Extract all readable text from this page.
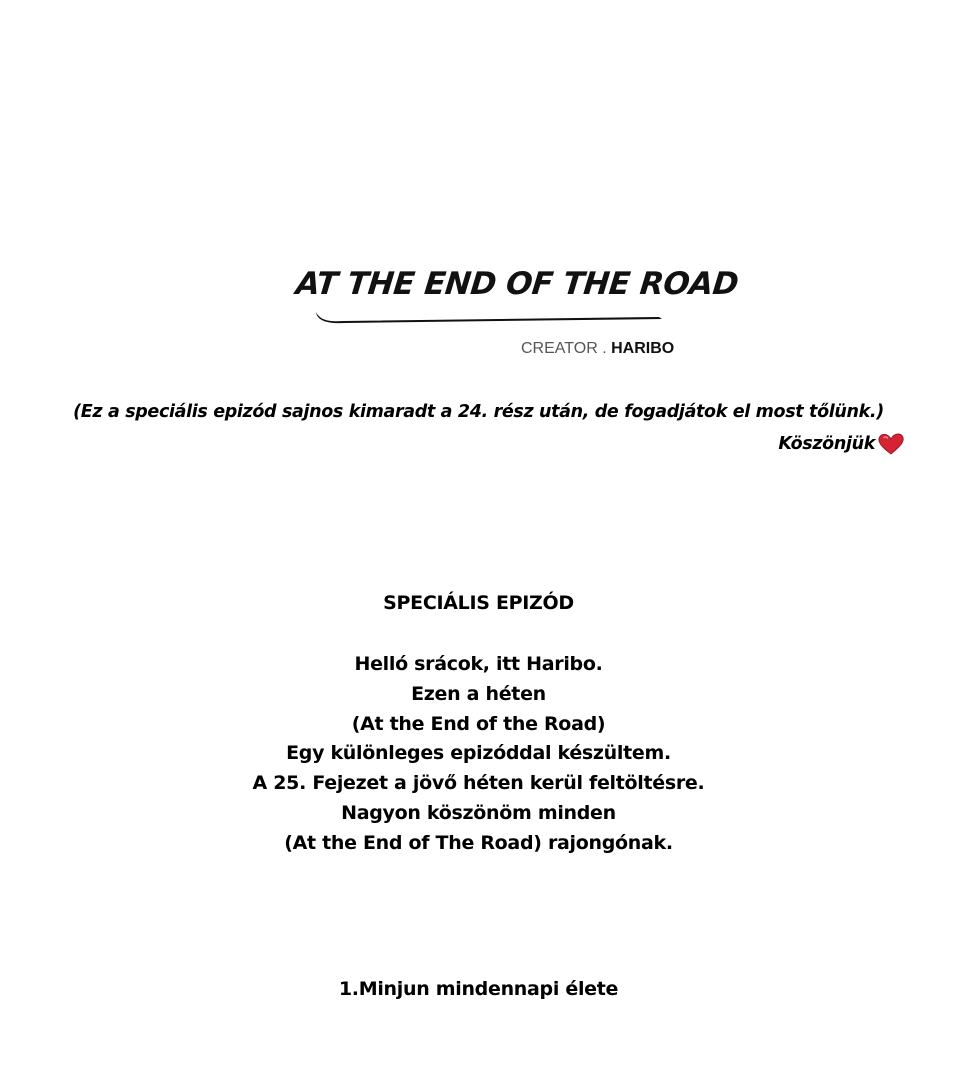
AT THE END OF THE ROAD
CREATOR . HARIBO
(Ez a speciális epizód sajnos kimaradt a 24. rész után, de fogadjátok el most tőlünk.)
Köszönjük
SPECIÁLIS EPIZÓD
Helló srácok, itt Haribo.
Ezen a héten
(At the End of the Road)
Egy különleges epizóddal készültem.
A 25. Fejezet a jövő héten kerül feltöltésre.
Nagyon köszönöm minden
(At the End of The Road) rajongónak.
1.Minjun mindennapi élete
